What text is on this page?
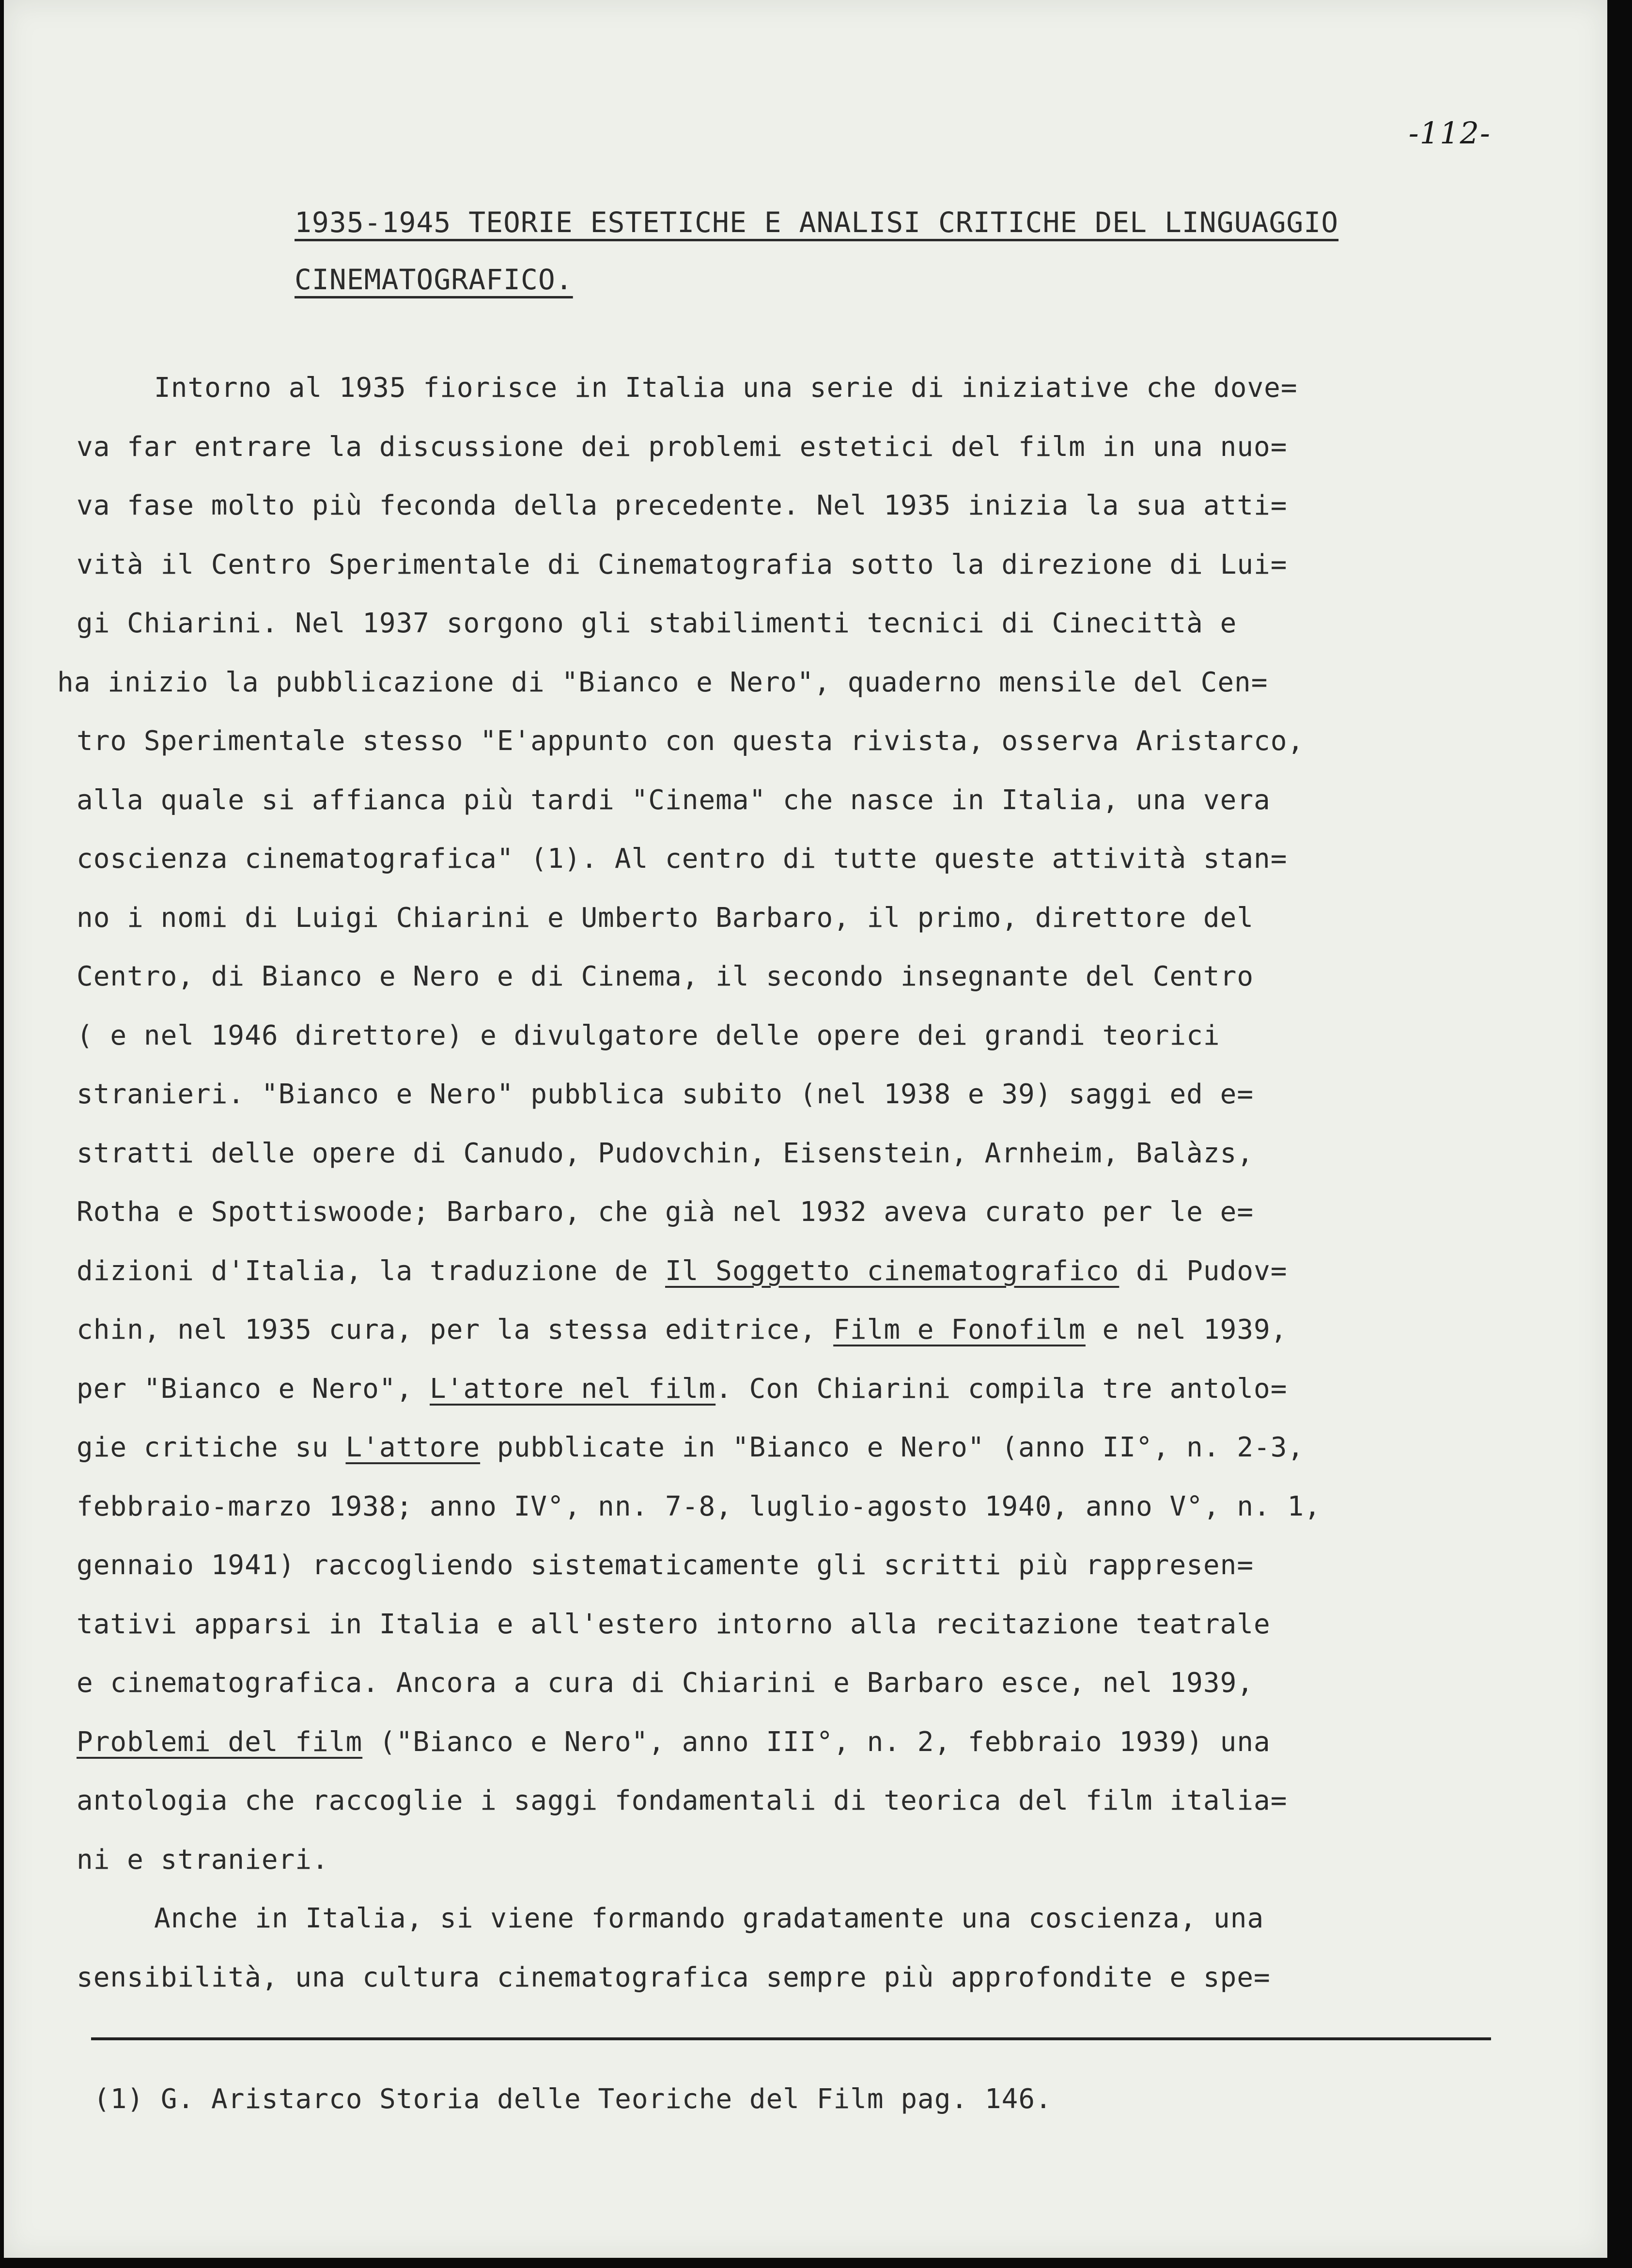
-112-
1935-1945 TEORIE ESTETICHE E ANALISI CRITICHE DEL LINGUAGGIO
CINEMATOGRAFICO.

Intorno al 1935 fiorisce in Italia una serie di iniziative che dove=
va far entrare la discussione dei problemi estetici del film in una nuo=
va fase molto più feconda della precedente. Nel 1935 inizia la sua atti=
vità il Centro Sperimentale di Cinematografia sotto la direzione di Lui=
gi Chiarini. Nel 1937 sorgono gli stabilimenti tecnici di Cinecittà e
ha inizio la pubblicazione di "Bianco e Nero", quaderno mensile del Cen=
tro Sperimentale stesso "E'appunto con questa rivista, osserva Aristarco,
alla quale si affianca più tardi "Cinema" che nasce in Italia, una vera
coscienza cinematografica" (1). Al centro di tutte queste attività stan=
no i nomi di Luigi Chiarini e Umberto Barbaro, il primo, direttore del
Centro, di Bianco e Nero e di Cinema, il secondo insegnante del Centro
( e nel 1946 direttore) e divulgatore delle opere dei grandi teorici
stranieri. "Bianco e Nero" pubblica subito (nel 1938 e 39) saggi ed e=
stratti delle opere di Canudo, Pudovchin, Eisenstein, Arnheim, Balàzs,
Rotha e Spottiswoode; Barbaro, che già nel 1932 aveva curato per le e=
dizioni d'Italia, la traduzione de Il Soggetto cinematografico di Pudov=
chin, nel 1935 cura, per la stessa editrice, Film e Fonofilm e nel 1939,
per "Bianco e Nero", L'attore nel film. Con Chiarini compila tre antolo=
gie critiche su L'attore pubblicate in "Bianco e Nero" (anno II°, n. 2-3,
febbraio-marzo 1938; anno IV°, nn. 7-8, luglio-agosto 1940, anno V°, n. 1,
gennaio 1941) raccogliendo sistematicamente gli scritti più rappresen=
tativi apparsi in Italia e all'estero intorno alla recitazione teatrale
e cinematografica. Ancora a cura di Chiarini e Barbaro esce, nel 1939,
Problemi del film ("Bianco e Nero", anno III°, n. 2, febbraio 1939) una
antologia che raccoglie i saggi fondamentali di teorica del film italia=
ni e stranieri.

Anche in Italia, si viene formando gradatamente una coscienza, una
sensibilità, una cultura cinematografica sempre più approfondite e spe=

(1) G. Aristarco Storia delle Teoriche del Film pag. 146.
